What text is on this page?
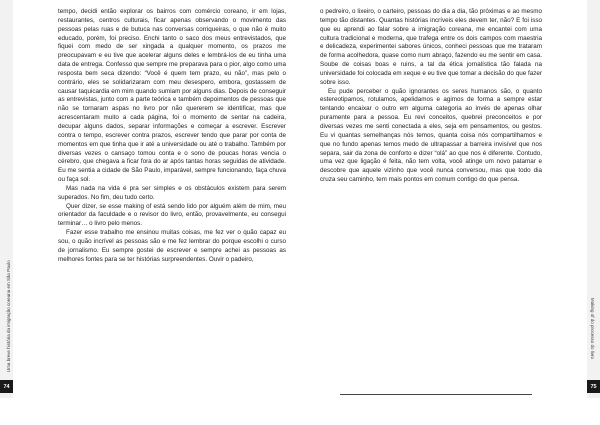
Uma breve história da imigração coreana em São Paulo

tempo, decidi então explorar os bairros com comércio coreano, ir em lojas, restaurantes, centros culturais, ficar apenas observando o movimento das pessoas pelas ruas e de butuca nas conversas corriqueiras, o que não é muito educado, porém, foi preciso. Enchi tanto o saco dos meus entrevistados, que fiquei com medo de ser xingada a qualquer momento, os prazos me preocupavam e eu tive que acelerar alguns deles e lembrá-los de eu tinha uma data de entrega. Confesso que sempre me preparava para o pior, algo como uma resposta bem seca dizendo: “Você é quem tem prazo, eu não”, mas pelo o contrário, eles se solidarizaram com meu desespero, embora, gostassem de causar taquicardia em mim quando sumiam por alguns dias. Depois de conseguir as entrevistas, junto com a parte teórica e também depoimentos de pessoas que não se tornaram aspas no livro por não quererem se identificar, mas que acrescentaram muito a cada página, foi o momento de sentar na cadeira, decupar alguns dados, separar informações e começar a escrever. Escrever contra o tempo, escrever contra prazos, escrever tendo que parar por conta de momentos em que tinha que ir até a universidade ou até o trabalho. Também por diversas vezes o cansaço tomou conta e o sono de poucas horas vencia o cérebro, que chegava a ficar fora do ar após tantas horas seguidas de atividade. Eu me sentia a cidade de São Paulo, imparável, sempre funcionando, faça chuva ou faça sol.

Mas nada na vida é pra ser simples e os obstáculos existem para serem superados. No fim, deu tudo certo.

Quer dizer, se esse making of está sendo lido por alguém além de mim, meu orientador da faculdade e o revisor do livro, então, provavelmente, eu consegui terminar… o livro pelo menos.

Fazer esse trabalho me ensinou muitas coisas, me fez ver o quão capaz eu sou, o quão incrível as pessoas são e me fez lembrar do porque escolhi o curso de jornalismo. Eu sempre gostei de escrever e sempre achei as pessoas as melhores fontes para se ter histórias surpreendentes. Ouvir o padeiro,

74

o pedreiro, o lixeiro, o carteiro, pessoas do dia a dia, tão próximas e ao mesmo tempo tão distantes. Quantas histórias incríveis eles devem ter, não? E foi isso que eu aprendi ao falar sobre a imigração coreana, me encantei com uma cultura tradicional e moderna, que trafega entre os dois campos com maestria e delicadeza, experimentei sabores únicos, conheci pessoas que me trataram de forma acolhedora, quase como num abraço, fazendo eu me sentir em casa. Soube de coisas boas e ruins, a tal da ética jornalística tão falada na universidade foi colocada em xeque e eu tive que tomar a decisão do que fazer sobre isso.

Eu pude perceber o quão ignorantes os seres humanos são, o quanto estereotipamos, rotulamos, apelidamos e agimos de forma a sempre estar tentando encaixar o outro em alguma categoria ao invés de apenas olhar puramente para a pessoa. Eu revi conceitos, quebrei preconceitos e por diversas vezes me senti conectada a eles, seja em pensamentos, ou gestos. Eu vi quantas semelhanças nós temos, quanta coisa nós compartilhamos e que no fundo apenas temos medo de ultrapassar a barreira invisível que nos separa, sair da zona de conforto e dizer “olá” ao que nos é diferente. Contudo, uma vez que ligação é feita, não tem volta, você atinge um novo patamar e descobre que aquele vizinho que você nunca conversou, mas que todo dia cruza seu caminho, tem mais pontos em comum contigo do que pensa.

Making of do processo do livro
75
